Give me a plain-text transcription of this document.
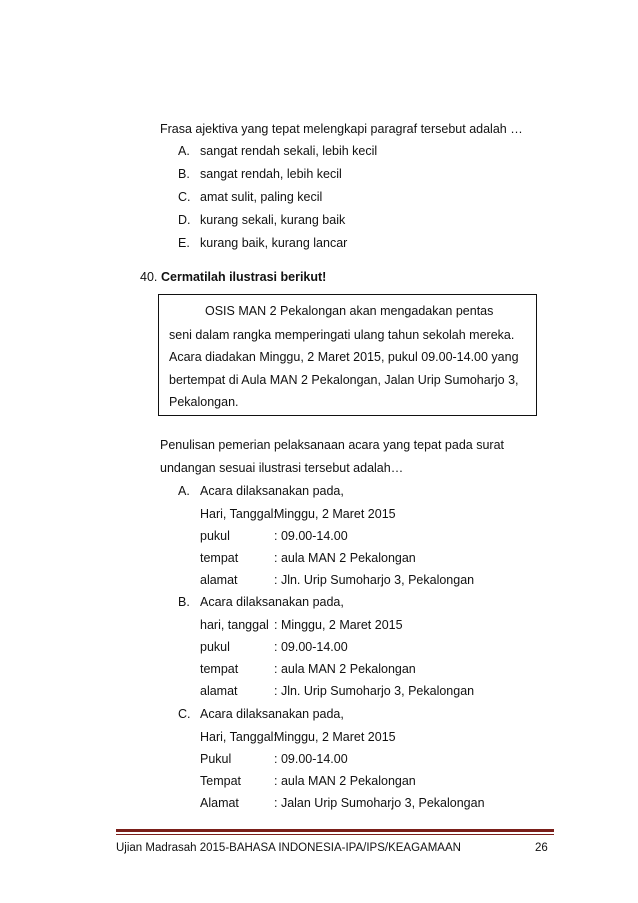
Frasa ajektiva yang tepat melengkapi paragraf tersebut adalah …
A. sangat rendah sekali, lebih kecil
B. sangat rendah, lebih kecil
C. amat sulit, paling kecil
D. kurang sekali, kurang baik
E. kurang baik, kurang lancar
40. Cermatilah ilustrasi berikut!

OSIS MAN 2 Pekalongan akan mengadakan pentas

seni dalam rangka memperingati ulang tahun sekolah mereka.

Acara diadakan Minggu, 2 Maret 2015, pukul 09.00-14.00 yang

bertempat di Aula MAN 2 Pekalongan, Jalan Urip Sumoharjo 3,

Pekalongan.

Penulisan pemerian pelaksanaan acara yang tepat pada surat
undangan sesuai ilustrasi tersebut adalah…
A. Acara dilaksanakan pada,
Hari, Tanggal:Minggu, 2 Maret 2015
pukul	: 09.00-14.00
tempat	: aula MAN 2 Pekalongan
alamat	: Jln. Urip Sumoharjo 3, Pekalongan
B. Acara dilaksanakan pada,
hari, tanggal : Minggu, 2 Maret 2015
pukul	: 09.00-14.00
tempat	: aula MAN 2 Pekalongan
alamat	: Jln. Urip Sumoharjo 3, Pekalongan
C. Acara dilaksanakan pada,
Hari, Tanggal:Minggu, 2 Maret 2015
Pukul	: 09.00-14.00
Tempat	: aula MAN 2 Pekalongan
Alamat	: Jalan Urip Sumoharjo 3, Pekalongan
Ujian Madrasah 2015-BAHASA INDONESIA-IPA/IPS/KEAGAMAAN	26
